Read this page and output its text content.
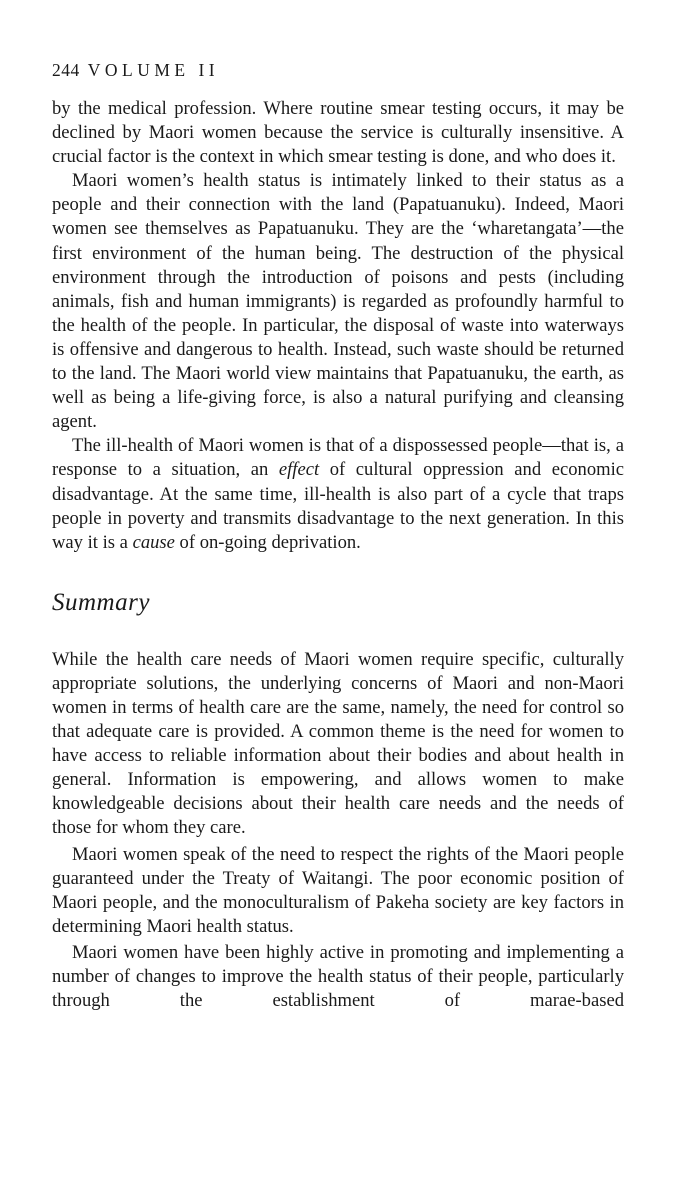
244 VOLUME II

by the medical profession. Where routine smear testing occurs, it may be declined by Maori women because the service is culturally insensitive. A crucial factor is the context in which smear testing is done, and who does it.

Maori women’s health status is intimately linked to their status as a people and their connection with the land (Papatuanuku). Indeed, Maori women see themselves as Papatuanuku. They are the ‘wharetangata’—the first environment of the human being. The destruction of the physical environment through the introduction of poisons and pests (including animals, fish and human immigrants) is regarded as profoundly harmful to the health of the people. In particular, the disposal of waste into waterways is offensive and dangerous to health. Instead, such waste should be returned to the land. The Maori world view maintains that Papatuanuku, the earth, as well as being a life-giving force, is also a natural purifying and cleansing agent.

The ill-health of Maori women is that of a dispossessed people—that is, a response to a situation, an effect of cultural oppression and economic disadvantage. At the same time, ill-health is also part of a cycle that traps people in poverty and transmits disadvantage to the next generation. In this way it is a cause of on-going deprivation.

Summary

While the health care needs of Maori women require specific, culturally appropriate solutions, the underlying concerns of Maori and non-Maori women in terms of health care are the same, namely, the need for control so that adequate care is provided. A common theme is the need for women to have access to reliable information about their bodies and about health in general. Information is empowering, and allows women to make knowledgeable decisions about their health care needs and the needs of those for whom they care.

Maori women speak of the need to respect the rights of the Maori people guaranteed under the Treaty of Waitangi. The poor economic position of Maori people, and the monoculturalism of Pakeha society are key factors in determining Maori health status.

Maori women have been highly active in promoting and implementing a number of changes to improve the health status of their people, particularly through the establishment of marae-based
